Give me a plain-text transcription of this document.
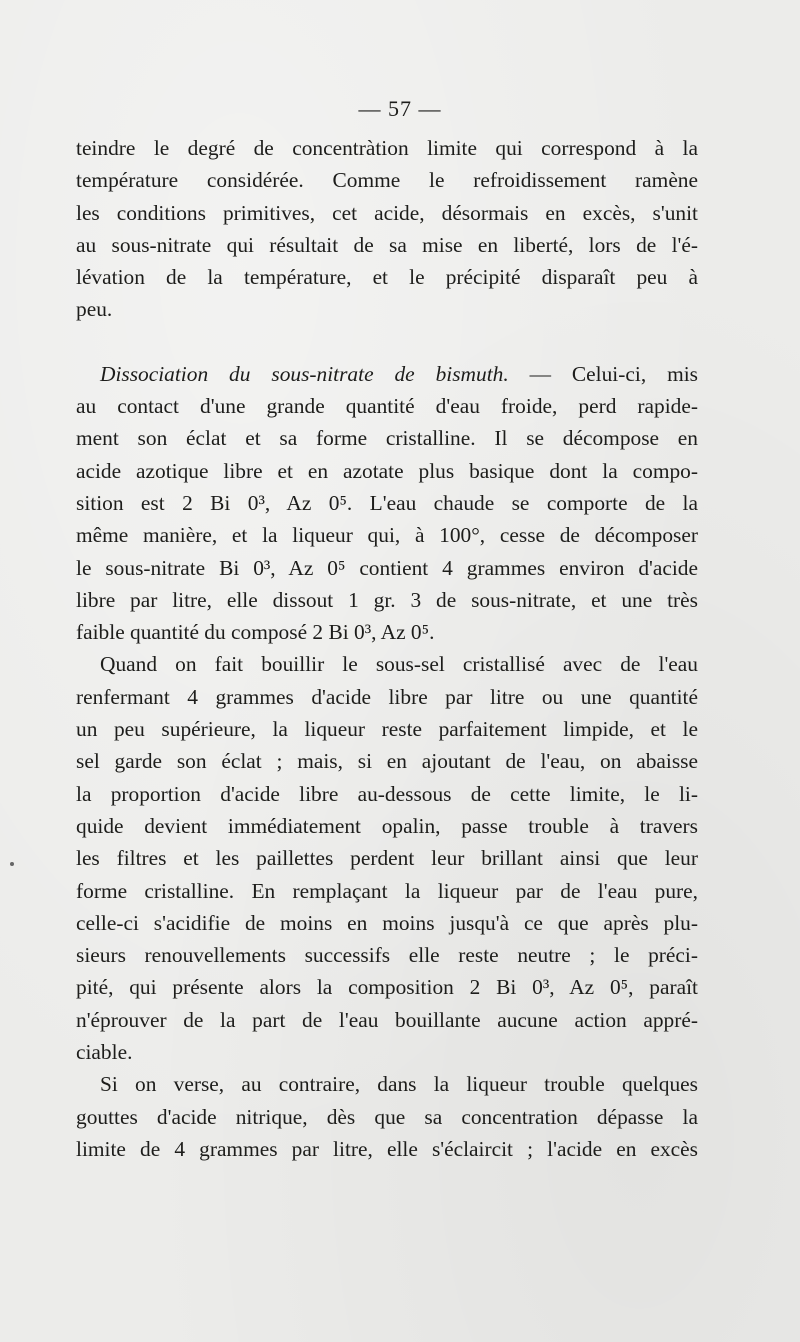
— 57 —
teindre le degré de concentràtion limite qui correspond à la
température considérée. Comme le refroidissement ramène
les conditions primitives, cet acide, désormais en excès, s'unit
au sous-nitrate qui résultait de sa mise en liberté, lors de l'é-
lévation de la température, et le précipité disparaît peu à
peu.
Dissociation du sous-nitrate de bismuth. — Celui-ci, mis
au contact d'une grande quantité d'eau froide, perd rapide-
ment son éclat et sa forme cristalline. Il se décompose en
acide azotique libre et en azotate plus basique dont la compo-
sition est 2 Bi 0³, Az 0⁵. L'eau chaude se comporte de la
même manière, et la liqueur qui, à 100°, cesse de décomposer
le sous-nitrate Bi 0³, Az 0⁵ contient 4 grammes environ d'acide
libre par litre, elle dissout 1 gr. 3 de sous-nitrate, et une très
faible quantité du composé 2 Bi 0³, Az 0⁵.
Quand on fait bouillir le sous-sel cristallisé avec de l'eau
renfermant 4 grammes d'acide libre par litre ou une quantité
un peu supérieure, la liqueur reste parfaitement limpide, et le
sel garde son éclat ; mais, si en ajoutant de l'eau, on abaisse
la proportion d'acide libre au-dessous de cette limite, le li-
quide devient immédiatement opalin, passe trouble à travers
les filtres et les paillettes perdent leur brillant ainsi que leur
forme cristalline. En remplaçant la liqueur par de l'eau pure,
celle-ci s'acidifie de moins en moins jusqu'à ce que après plu-
sieurs renouvellements successifs elle reste neutre ; le préci-
pité, qui présente alors la composition 2 Bi 0³, Az 0⁵, paraît
n'éprouver de la part de l'eau bouillante aucune action appré-
ciable.
Si on verse, au contraire, dans la liqueur trouble quelques
gouttes d'acide nitrique, dès que sa concentration dépasse la
limite de 4 grammes par litre, elle s'éclaircit ; l'acide en excès
